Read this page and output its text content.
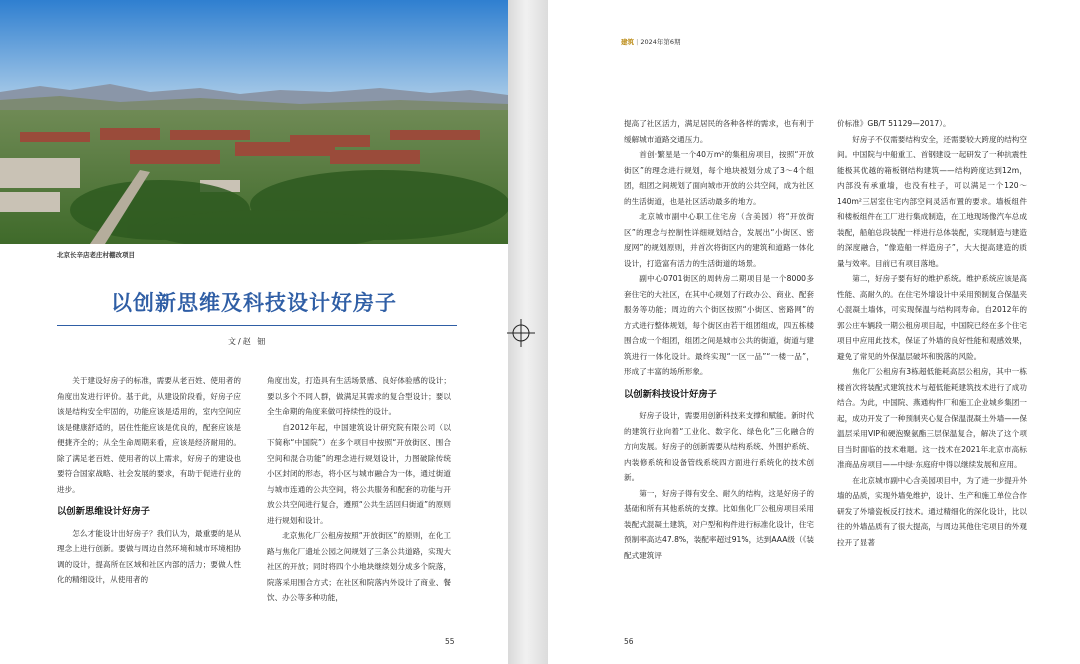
北京长辛店老庄村棚改项目
以创新思维及科技设计好房子
文/赵 钿

关于建设好房子的标准，需要从老百姓、使用者的角度出发进行评价。基于此，从建设阶段看，好房子应该是结构安全牢固的，功能应该是适用的，室内空间应该是健康舒适的，居住性能应该是优良的，配套应该是便捷齐全的；从全生命周期来看，应该是经济耐用的。除了满足老百姓、使用者的以上需求，好房子的建设也要符合国家战略、社会发展的要求，有助于促进行业的进步。

以创新思维设计好房子

怎么才能设计出好房子？我们认为，最重要的是从理念上进行创新。要做与周边自然环境和城市环境相协调的设计，提高所在区域和社区内部的活力；要做人性化的精细设计，从使用者的

角度出发，打造具有生活场景感、良好体验感的设计；要以多个不同人群，做满足其需求的复合型设计；要以全生命期的角度来做可持续性的设计。

自2012年起，中国建筑设计研究院有限公司（以下简称“中国院”）在多个项目中按照“开放街区、围合空间和混合功能”的理念进行规划设计，力图破除传统小区封闭的形态，将小区与城市融合为一体，通过街道与城市连通的公共空间，将公共服务和配套的功能与开放公共空间进行复合，遵照“公共生活回归街道”的原则进行规划和设计。

北京焦化厂公租房按照“开放街区”的原则，在化工路与焦化厂遗址公园之间规划了三条公共道路，实现大社区的开放；同时将四个小地块继续划分成多个院落，院落采用围合方式；在社区和院落内外设计了商业、餐饮、办公等多种功能，

55
建筑 | 2024年第6期

提高了社区活力，满足居民的各种各样的需求，也有利于缓解城市道路交通压力。

首创·繁星是一个40万m²的集租房项目，按照“开放街区”的理念进行规划，每个地块被划分成了3～4个组团，组团之间规划了面向城市开放的公共空间，成为社区的生活街道，也是社区活动最多的地方。

北京城市副中心职工住宅房（含美园）将“开放街区”的理念与控制性详细规划结合，发展出“小街区、密度网”的规划原则，并首次将街区内的建筑和道路一体化设计，打造富有活力的生活街道的场景。

副中心0701街区的周转房二期项目是一个8000多套住宅的大社区，在其中心规划了行政办公、商业、配套服务等功能；周边的六个街区按照“小街区、密路网”的方式进行整体规划，每个街区由若干组团组成，四五栋楼围合成一个组团，组团之间是城市公共的街道，街道与建筑进行一体化设计。最终实现“一区一品”“一楼一品”，形成了丰富的场所形象。

以创新科技设计好房子

好房子设计，需要用创新科技来支撑和赋能。新时代的建筑行业向着“工业化、数字化、绿色化”三化融合的方向发展。好房子的创新需要从结构系统、外围护系统、内装修系统和设备管线系统四方面进行系统化的技术创新。

第一，好房子得有安全、耐久的结构，这是好房子的基础和所有其他系统的支撑。比如焦化厂公租房项目采用装配式混凝土建筑，对户型和构件进行标准化设计，住宅预制率高达47.8%，装配率超过91%，达到AAA级（《装配式建筑评

价标准》GB/T 51129—2017）。

好房子不仅需要结构安全，还需要较大跨度的结构空间。中国院与中船重工、首钢建设一起研发了一种抗震性能极其优越的箱板钢结构建筑——结构跨度达到12m，内部没有承重墙，也没有柱子，可以满足一个120～140m²三居室住宅内部空间灵活布置的要求。墙板组件和楼板组件在工厂进行集成制造，在工地现场像汽车总成装配，船舶总段装配一样进行总体装配，实现制造与建造的深度融合，“像造船一样造房子”，大大提高建造的质量与效率。目前已有项目落地。

第二，好房子要有好的维护系统。维护系统应该是高性能、高耐久的。在住宅外墙设计中采用预制复合保温夹心混凝土墙体，可实现保温与结构同寿命。自2012年的郭公庄车辆段一期公租房项目起，中国院已经在多个住宅项目中应用此技术，保证了外墙的良好性能和观感效果，避免了常见的外保温层破坏和脱落的风险。

焦化厂公租房有3栋超低能耗高层公租房，其中一栋楼首次将装配式建筑技术与超低能耗建筑技术进行了成功结合。为此，中国院、燕通构件厂和施工企业城乡集团一起，成功开发了一种预制夹心复合保温混凝土外墙——保温层采用VIP和硬泡聚氨酯三层保温复合，解决了这个项目当时面临的技术难题。这一技术在2021年北京市高标准商品房项目——中绿·东庭府中得以继续发展和应用。

在北京城市副中心含美园项目中，为了进一步提升外墙的品质，实现外墙免维护，设计、生产和施工单位合作研发了外墙瓷板反打技术。通过精细化的深化设计，比以往的外墙品质有了很大提高，与周边其他住宅项目的外观拉开了显著

56
